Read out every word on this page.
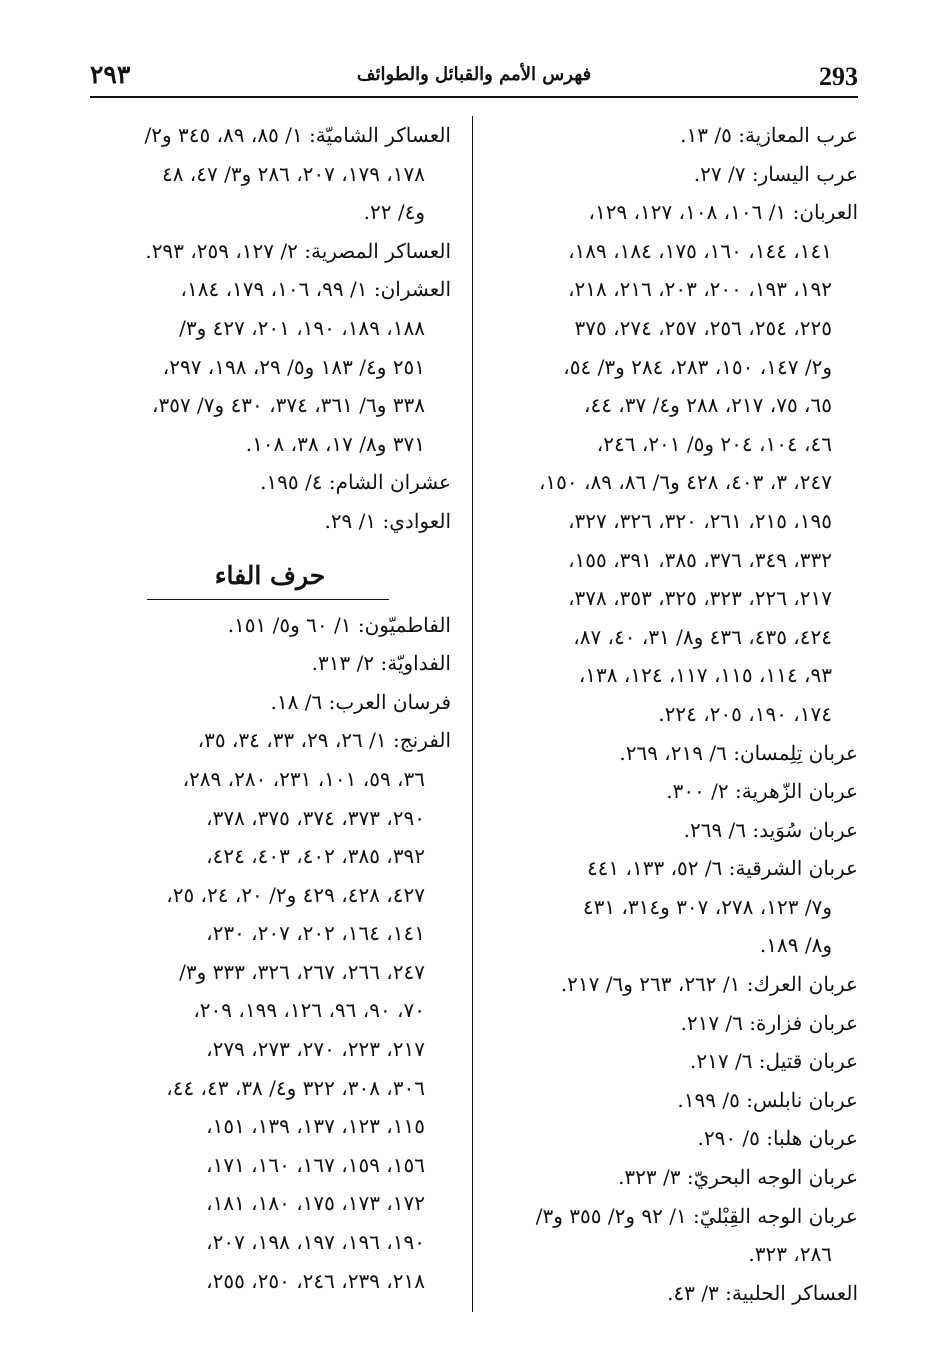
٢٩٣	فهرس الأمم والقبائل والطوائف	293
عرب المعازية: ٥/ ١٣.
عرب اليسار: ٧/ ٢٧.
العربان: ١/ ١٠٦، ١٠٨، ١٢٧، ١٢٩،
١٤١، ١٤٤، ١٦٠، ١٧٥، ١٨٤، ١٨٩،
١٩٢، ١٩٣، ٢٠٠، ٢٠٣، ٢١٦، ٢١٨،
٢٢٥، ٢٥٤، ٢٥٦، ٢٥٧، ٢٧٤، ٣٧٥
و٢/ ١٤٧، ١٥٠، ٢٨٣، ٢٨٤ و٣/ ٥٤،
٦٥، ٧٥، ٢١٧، ٢٨٨ و٤/ ٣٧، ٤٤،
٤٦، ١٠٤، ٢٠٤ و٥/ ٢٠١، ٢٤٦،
٢٤٧، ٣، ٤٠٣، ٤٢٨ و٦/ ٨٦، ٨٩، ١٥٠،
١٩٥، ٢١٥، ٢٦١، ٣٢٠، ٣٢٦، ٣٢٧،
٣٣٢، ٣٤٩، ٣٧٦، ٣٨٥، ٣٩١، ١٥٥،
٢١٧، ٢٢٦، ٣٢٣، ٣٢٥، ٣٥٣، ٣٧٨،
٤٢٤، ٤٣٥، ٤٣٦ و٨/ ٣١، ٤٠، ٨٧،
٩٣، ١١٤، ١١٥، ١١٧، ١٢٤، ١٣٨،
١٧٤، ١٩٠، ٢٠٥، ٢٢٤.
عربان تِلِمسان: ٦/ ٢١٩، ٢٦٩.
عربان الزّهرية: ٢/ ٣٠٠.
عربان سُوَيد: ٦/ ٢٦٩.
عربان الشرقية: ٦/ ٥٢، ١٣٣، ٤٤١
و٧/ ١٢٣، ٢٧٨، ٣٠٧ و٣١٤، ٤٣١
و٨/ ١٨٩.
عربان العرك: ١/ ٢٦٢، ٢٦٣ و٦/ ٢١٧.
عربان فزارة: ٦/ ٢١٧.
عربان قتيل: ٦/ ٢١٧.
عربان نابلس: ٥/ ١٩٩.
عربان هلبا: ٥/ ٢٩٠.
عربان الوجه البحريّ: ٣/ ٣٢٣.
عربان الوجه القِبْليّ: ١/ ٩٢ و٢/ ٣٥٥ و٣/
٢٨٦، ٣٢٣.
العساكر الحلبية: ٣/ ٤٣.
العساكر الشاميّة: ١/ ٨٥، ٨٩، ٣٤٥ و٢/
١٧٨، ١٧٩، ٢٠٧، ٢٨٦ و٣/ ٤٧، ٤٨
و٤/ ٢٢.
العساكر المصرية: ٢/ ١٢٧، ٢٥٩، ٢٩٣.
العشران: ١/ ٩٩، ١٠٦، ١٧٩، ١٨٤،
١٨٨، ١٨٩، ١٩٠، ٢٠١، ٤٢٧ و٣/
٢٥١ و٤/ ١٨٣ و٥/ ٢٩، ١٩٨، ٢٩٧،
٣٣٨ و٦/ ٣٦١، ٣٧٤، ٤٣٠ و٧/ ٣٥٧،
٣٧١ و٨/ ١٧، ٣٨، ١٠٨.
عشران الشام: ٤/ ١٩٥.
العوادي: ١/ ٢٩.
حرف الفاء
الفاطميّون: ١/ ٦٠ و٥/ ١٥١.
الفداويّة: ٢/ ٣١٣.
فرسان العرب: ٦/ ١٨.
الفرنج: ١/ ٢٦، ٢٩، ٣٣، ٣٤، ٣٥،
٣٦، ٥٩، ١٠١، ٢٣١، ٢٨٠، ٢٨٩،
٢٩٠، ٣٧٣، ٣٧٤، ٣٧٥، ٣٧٨،
٣٩٢، ٣٨٥، ٤٠٢، ٤٠٣، ٤٢٤،
٤٢٧، ٤٢٨، ٤٢٩ و٢/ ٢٠، ٢٤، ٢٥،
١٤١، ١٦٤، ٢٠٢، ٢٠٧، ٢٣٠،
٢٤٧، ٢٦٦، ٢٦٧، ٣٢٦، ٣٣٣ و٣/
٧٠، ٩٠، ٩٦، ١٢٦، ١٩٩، ٢٠٩،
٢١٧، ٢٢٣، ٢٧٠، ٢٧٣، ٢٧٩،
٣٠٦، ٣٠٨، ٣٢٢ و٤/ ٣٨، ٤٣، ٤٤،
١١٥، ١٢٣، ١٣٧، ١٣٩، ١٥١،
١٥٦، ١٥٩، ١٦٧، ١٦٠، ١٧١،
١٧٢، ١٧٣، ١٧٥، ١٨٠، ١٨١،
١٩٠، ١٩٦، ١٩٧، ١٩٨، ٢٠٧،
٢١٨، ٢٣٩، ٢٤٦، ٢٥٠، ٢٥٥،
